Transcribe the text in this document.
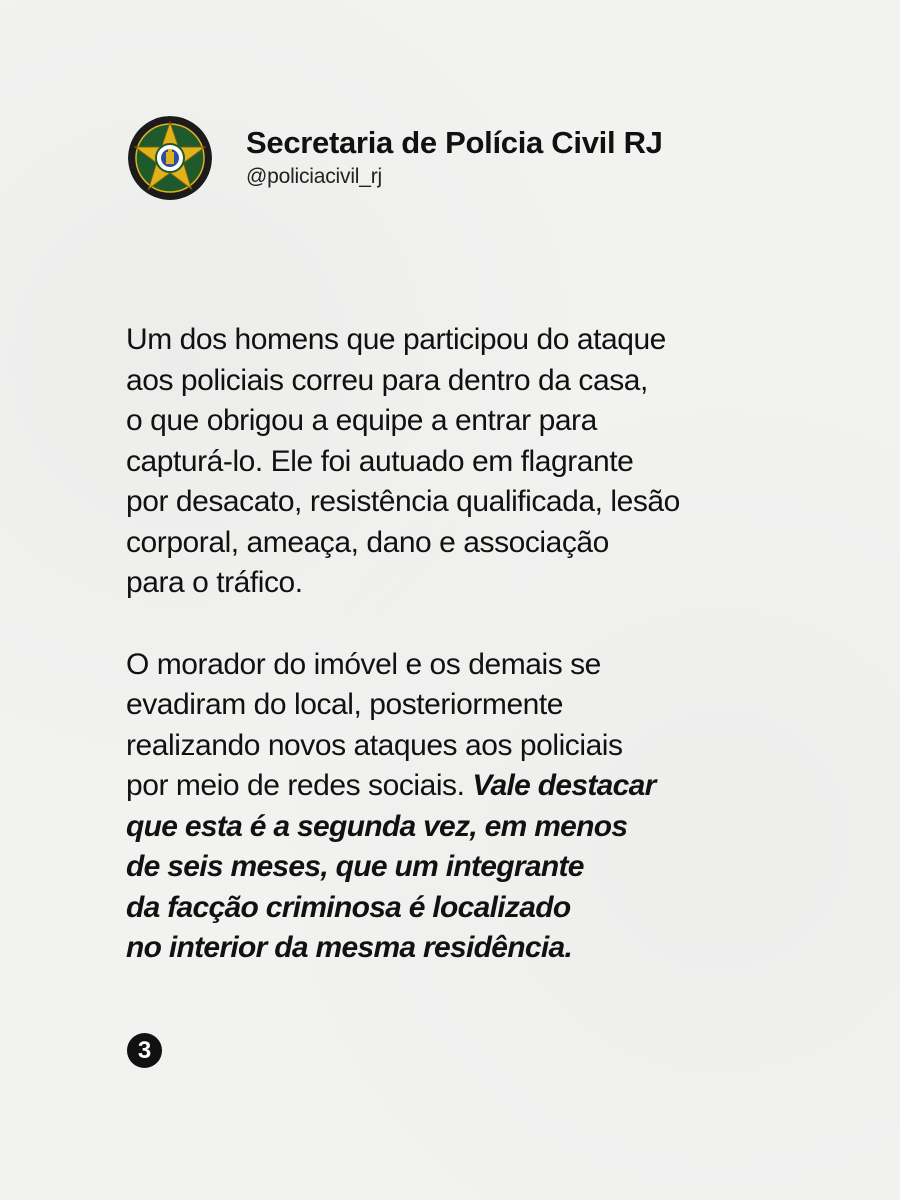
Secretaria de Polícia Civil RJ
@policiacivil_rj

Um dos homens que participou do ataque
aos policiais correu para dentro da casa,
o que obrigou a equipe a entrar para
capturá-lo. Ele foi autuado em flagrante
por desacato, resistência qualificada, lesão
corporal, ameaça, dano e associação
para o tráfico.

O morador do imóvel e os demais se
evadiram do local, posteriormente
realizando novos ataques aos policiais
por meio de redes sociais. Vale destacar
que esta é a segunda vez, em menos
de seis meses, que um integrante
da facção criminosa é localizado
no interior da mesma residência.

3
